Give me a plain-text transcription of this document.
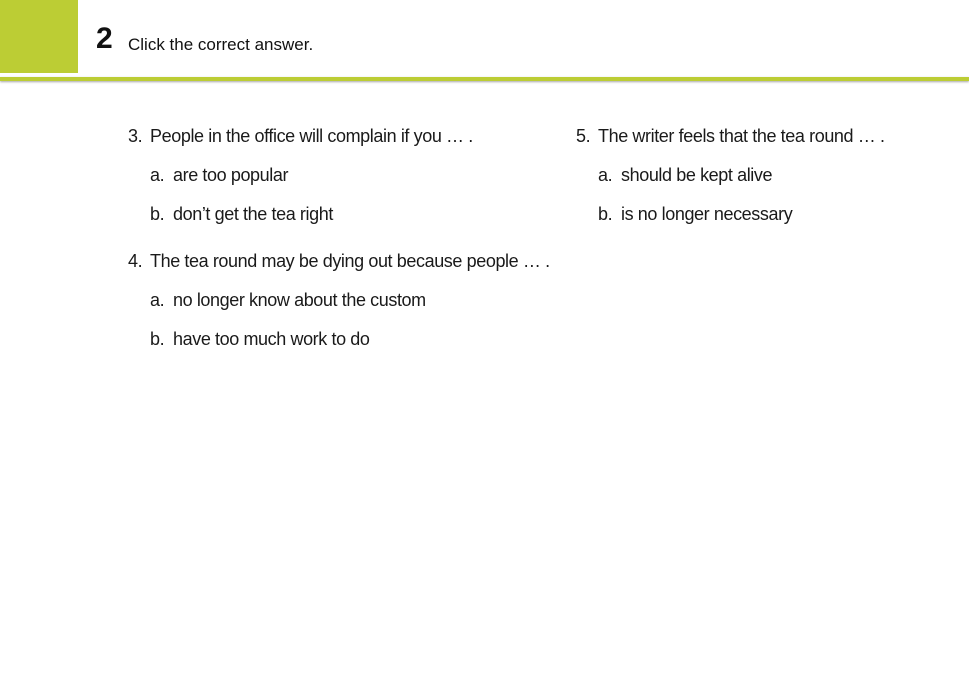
2 Click the correct answer.
3. People in the office will complain if you … .
a. are too popular
b. don’t get the tea right
4. The tea round may be dying out because people … .
a. no longer know about the custom
b. have too much work to do
5. The writer feels that the tea round … .
a. should be kept alive
b. is no longer necessary
